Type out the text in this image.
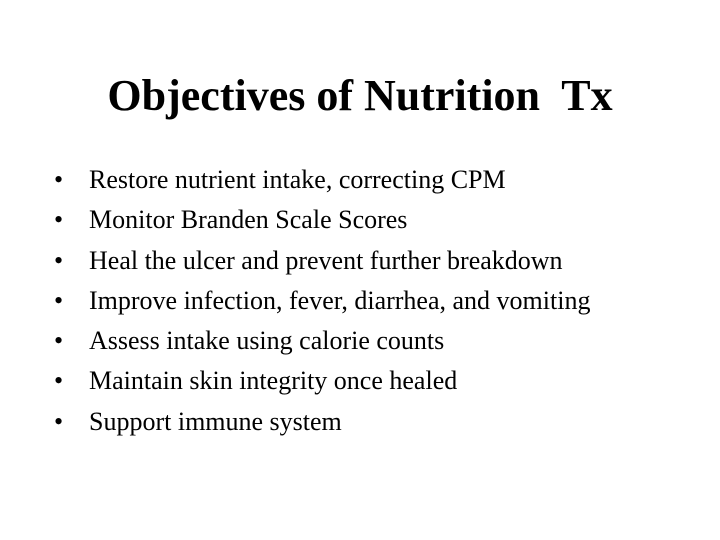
Objectives of Nutrition  Tx
• Restore nutrient intake, correcting CPM
• Monitor Branden Scale Scores
• Heal the ulcer and prevent further breakdown
• Improve infection, fever, diarrhea, and vomiting
• Assess intake using calorie counts
• Maintain skin integrity once healed
• Support immune system
